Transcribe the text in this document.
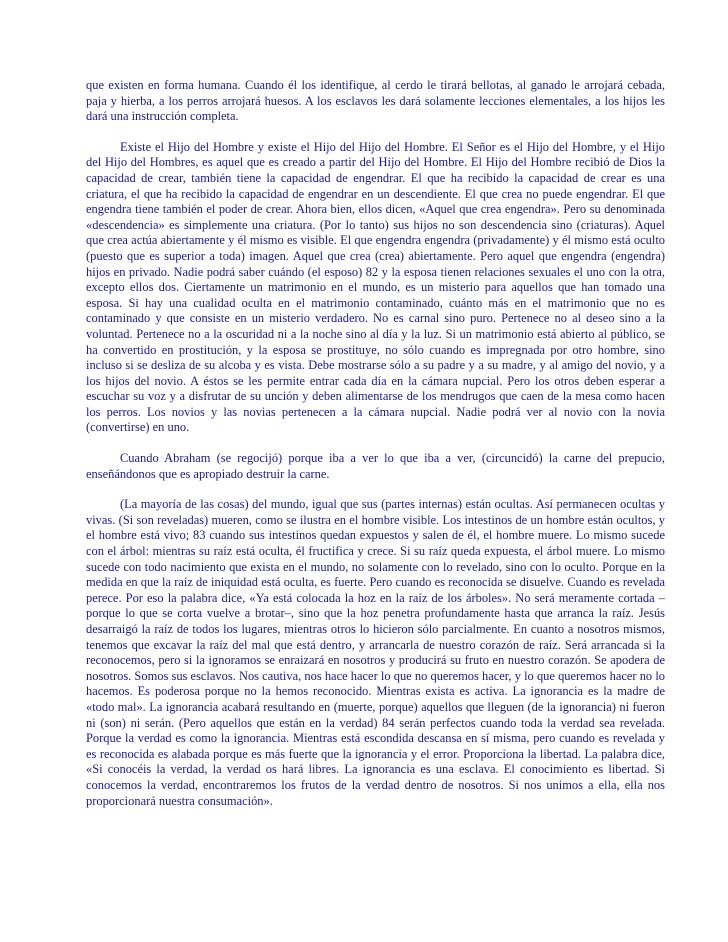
que existen en forma humana. Cuando él los identifique, al cerdo le tirará bellotas, al ganado le arrojará cebada, paja y hierba, a los perros arrojará huesos. A los esclavos les dará solamente lecciones elementales, a los hijos les dará una instrucción completa.

Existe el Hijo del Hombre y existe el Hijo del Hijo del Hombre. El Señor es el Hijo del Hombre, y el Hijo del Hijo del Hombres, es aquel que es creado a partir del Hijo del Hombre. El Hijo del Hombre recibió de Dios la capacidad de crear, también tiene la capacidad de engendrar. El que ha recibido la capacidad de crear es una criatura, el que ha recibido la capacidad de engendrar en un descendiente. El que crea no puede engendrar. El que engendra tiene también el poder de crear. Ahora bien, ellos dicen, «Aquel que crea engendra». Pero su denominada «descendencia» es simplemente una criatura. (Por lo tanto) sus hijos no son descendencia sino (criaturas). Aquel que crea actúa abiertamente y él mismo es visible. El que engendra engendra (privadamente) y él mismo está oculto (puesto que es superior a toda) imagen. Aquel que crea (crea) abiertamente. Pero aquel que engendra (engendra) hijos en privado. Nadie podrá saber cuándo (el esposo) 82 y la esposa tienen relaciones sexuales el uno con la otra, excepto ellos dos. Ciertamente un matrimonio en el mundo, es un misterio para aquellos que han tomado una esposa. Si hay una cualidad oculta en el matrimonio contaminado, cuánto más en el matrimonio que no es contaminado y que consiste en un misterio verdadero. No es carnal sino puro. Pertenece no al deseo sino a la voluntad. Pertenece no a la oscuridad ni a la noche sino al día y la luz. Si un matrimonio está abierto al público, se ha convertido en prostitución, y la esposa se prostituye, no sólo cuando es impregnada por otro hombre, sino incluso si se desliza de su alcoba y es vista. Debe mostrarse sólo a su padre y a su madre, y al amigo del novio, y a los hijos del novio. A éstos se les permite entrar cada día en la cámara nupcial. Pero los otros deben esperar a escuchar su voz y a disfrutar de su unción y deben alimentarse de los mendrugos que caen de la mesa como hacen los perros. Los novios y las novias pertenecen a la cámara nupcial. Nadie podrá ver al novio con la novia (convertirse) en uno.

Cuando Abraham (se regocijó) porque iba a ver lo que iba a ver, (circuncidó) la carne del prepucio, enseñándonos que es apropiado destruir la carne.

(La mayoría de las cosas) del mundo, igual que sus (partes internas) están ocultas. Así permanecen ocultas y vivas. (Si son reveladas) mueren, como se ilustra en el hombre visible. Los intestinos de un hombre están ocultos, y el hombre está vivo; 83 cuando sus intestinos quedan expuestos y salen de él, el hombre muere. Lo mismo sucede con el árbol: mientras su raíz está oculta, él fructifica y crece. Si su raíz queda expuesta, el árbol muere. Lo mismo sucede con todo nacimiento que exista en el mundo, no solamente con lo revelado, sino con lo oculto. Porque en la medida en que la raíz de iniquidad está oculta, es fuerte. Pero cuando es reconocida se disuelve. Cuando es revelada perece. Por eso la palabra dice, «Ya está colocada la hoz en la raíz de los árboles». No será meramente cortada – porque lo que se corta vuelve a brotar–, sino que la hoz penetra profundamente hasta que arranca la raíz. Jesús desarraigó la raíz de todos los lugares, mientras otros lo hicieron sólo parcialmente. En cuanto a nosotros mismos, tenemos que excavar la raíz del mal que está dentro, y arrancarla de nuestro corazón de raíz. Será arrancada si la reconocemos, pero si la ignoramos se enraizará en nosotros y producirá su fruto en nuestro corazón. Se apodera de nosotros. Somos sus esclavos. Nos cautiva, nos hace hacer lo que no queremos hacer, y lo que queremos hacer no lo hacemos. Es poderosa porque no la hemos reconocido. Mientras exista es activa. La ignorancia es la madre de «todo mal». La ignorancia acabará resultando en (muerte, porque) aquellos que lleguen (de la ignorancia) ni fueron ni (son) ni serán. (Pero aquellos que están en la verdad) 84 serán perfectos cuando toda la verdad sea revelada. Porque la verdad es como la ignorancia. Mientras está escondida descansa en sí misma, pero cuando es revelada y es reconocida es alabada porque es más fuerte que la ignorancia y el error. Proporciona la libertad. La palabra dice, «Si conocéis la verdad, la verdad os hará libres. La ignorancia es una esclava. El conocimiento es libertad. Si conocemos la verdad, encontraremos los frutos de la verdad dentro de nosotros. Si nos unimos a ella, ella nos proporcionará nuestra consumación».
